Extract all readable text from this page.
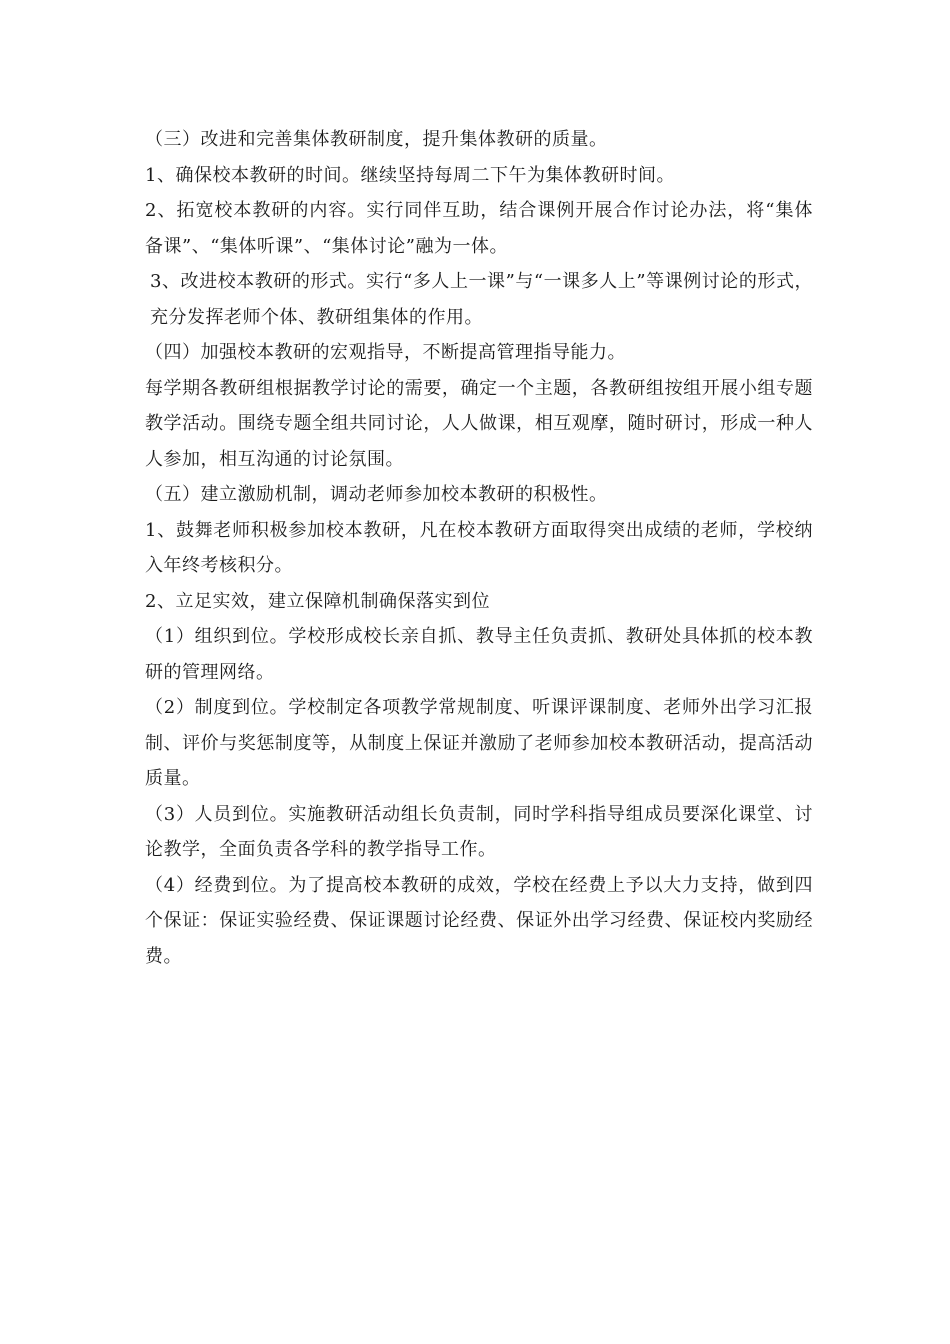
（三）改进和完善集体教研制度，提升集体教研的质量。

1、确保校本教研的时间。继续坚持每周二下午为集体教研时间。

2、拓宽校本教研的内容。实行同伴互助，结合课例开展合作讨论办法，将“集体备课”、“集体听课”、“集体讨论”融为一体。

3、改进校本教研的形式。实行“多人上一课”与“一课多人上”等课例讨论的形式，充分发挥老师个体、教研组集体的作用。

（四）加强校本教研的宏观指导，不断提高管理指导能力。

每学期各教研组根据教学讨论的需要，确定一个主题，各教研组按组开展小组专题教学活动。围绕专题全组共同讨论，人人做课，相互观摩，随时研讨，形成一种人人参加，相互沟通的讨论氛围。

（五）建立激励机制，调动老师参加校本教研的积极性。

1、鼓舞老师积极参加校本教研，凡在校本教研方面取得突出成绩的老师，学校纳入年终考核积分。

2、立足实效，建立保障机制确保落实到位

（1）组织到位。学校形成校长亲自抓、教导主任负责抓、教研处具体抓的校本教研的管理网络。

（2）制度到位。学校制定各项教学常规制度、听课评课制度、老师外出学习汇报制、评价与奖惩制度等，从制度上保证并激励了老师参加校本教研活动，提高活动质量。

（3）人员到位。实施教研活动组长负责制，同时学科指导组成员要深化课堂、讨论教学，全面负责各学科的教学指导工作。

（4）经费到位。为了提高校本教研的成效，学校在经费上予以大力支持，做到四个保证：保证实验经费、保证课题讨论经费、保证外出学习经费、保证校内奖励经费。
